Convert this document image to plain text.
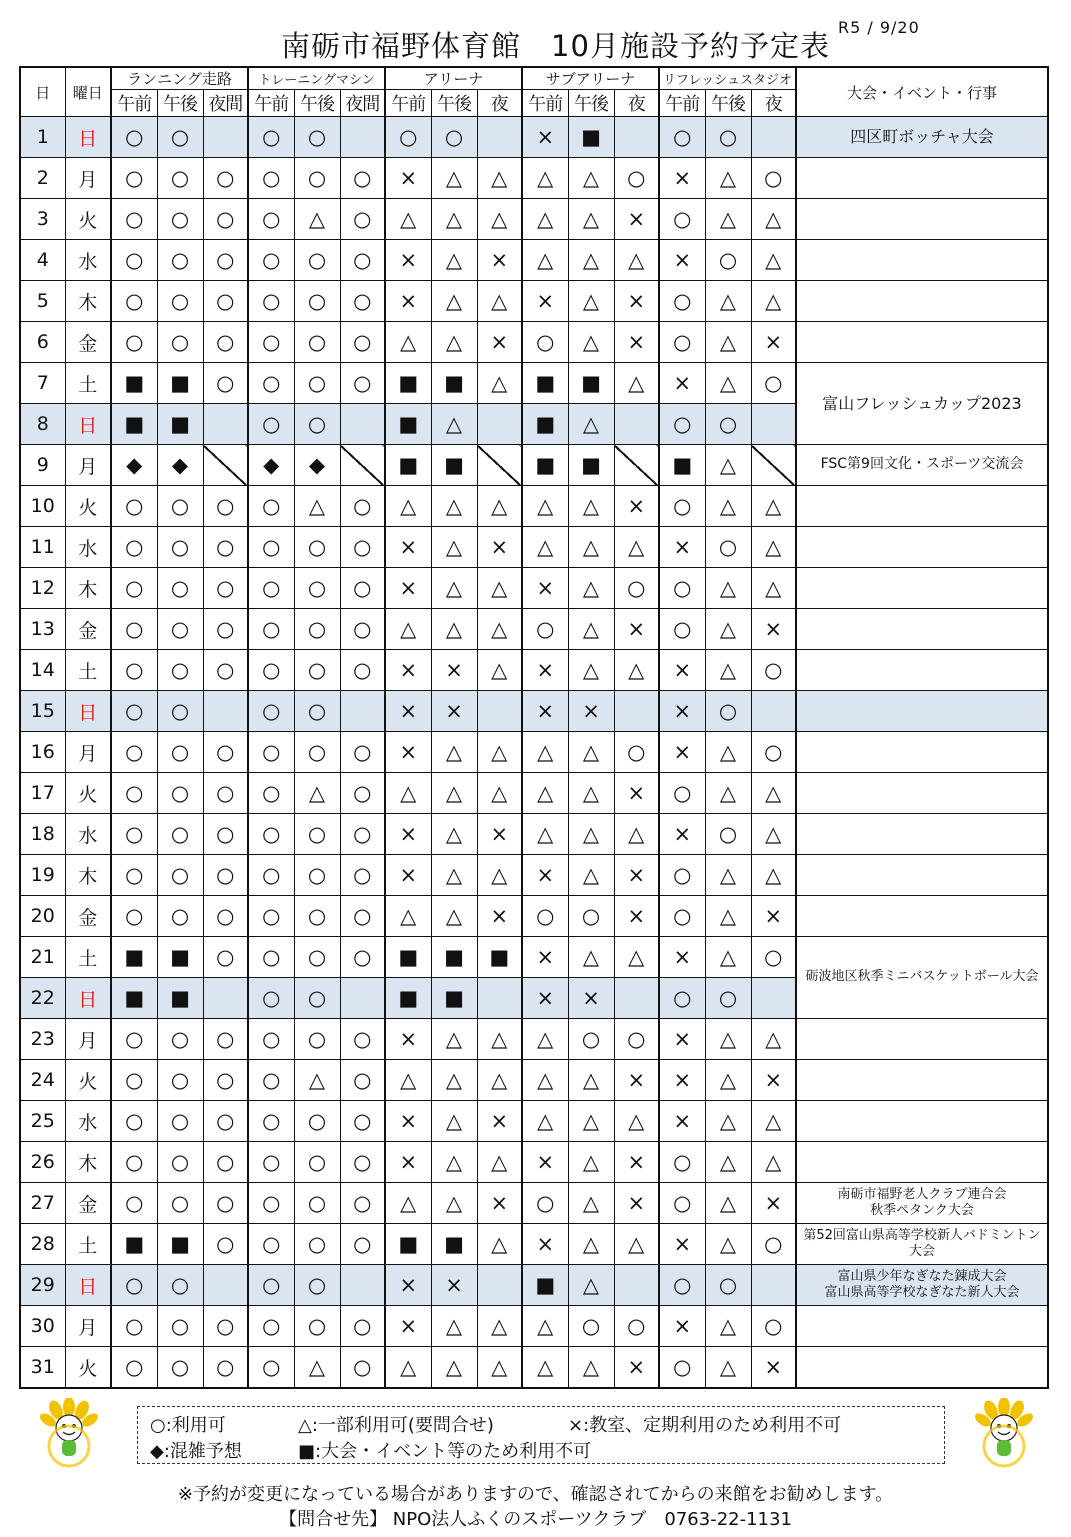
南砺市福野体育館　10月施設予約予定表
R5 / 9/20
日	曜日	ランニング走路			トレーニングマシン			アリーナ			サブアリーナ			リフレッシュスタジオ			大会・イベント・行事
		午前	午後	夜間	午前	午後	夜間	午前	午後	夜	午前	午後	夜	午前	午後	夜	
1	日	○	○		○	○		○	○		×	■		○	○		四区町ボッチャ大会
2	月	○	○	○	○	○	○	×	△	△	△	△	○	×	△	○	
3	火	○	○	○	○	△	○	△	△	△	△	△	×	○	△	△	
4	水	○	○	○	○	○	○	×	△	×	△	△	△	×	○	△	
5	木	○	○	○	○	○	○	×	△	△	×	△	×	○	△	△	
6	金	○	○	○	○	○	○	△	△	×	○	△	×	○	△	×	
7	土	■	■	○	○	○	○	■	■	△	■	■	△	×	△	○	富山フレッシュカップ2023
8	日	■	■		○	○		■	△		■	△		○	○		
9	月	◆	◆		◆	◆		■	■		■	■		■	△		FSC第9回文化・スポーツ交流会
10	火	○	○	○	○	△	○	△	△	△	△	△	×	○	△	△	
11	水	○	○	○	○	○	○	×	△	×	△	△	△	×	○	△	
12	木	○	○	○	○	○	○	×	△	△	×	△	○	○	△	△	
13	金	○	○	○	○	○	○	△	△	△	○	△	×	○	△	×	
14	土	○	○	○	○	○	○	×	×	△	×	△	△	×	△	○	
15	日	○	○		○	○		×	×		×	×		×	○		
16	月	○	○	○	○	○	○	×	△	△	△	△	○	×	△	○	
17	火	○	○	○	○	△	○	△	△	△	△	△	×	○	△	△	
18	水	○	○	○	○	○	○	×	△	×	△	△	△	×	○	△	
19	木	○	○	○	○	○	○	×	△	△	×	△	×	○	△	△	
20	金	○	○	○	○	○	○	△	△	×	○	○	×	○	△	×	
21	土	■	■	○	○	○	○	■	■	■	×	△	△	×	△	○	砺波地区秋季ミニバスケットボール大会
22	日	■	■		○	○		■	■		×	×		○	○		
23	月	○	○	○	○	○	○	×	△	△	△	○	○	×	△	△	
24	火	○	○	○	○	△	○	△	△	△	△	△	×	×	△	×	
25	水	○	○	○	○	○	○	×	△	×	△	△	△	×	△	△	
26	木	○	○	○	○	○	○	×	△	△	×	△	×	○	△	△	
27	金	○	○	○	○	○	○	△	△	×	○	△	×	○	△	×	南砺市福野老人クラブ連合会
秋季ペタンク大会
28	土	■	■	○	○	○	○	■	■	△	×	△	△	×	△	○	第52回富山県高等学校新人バドミントン大会
29	日	○	○		○	○		×	×		■	△		○	○		富山県少年なぎなた錬成大会
富山県高等学校なぎなた新人大会
30	月	○	○	○	○	○	○	×	△	△	△	○	○	×	△	○	
31	火	○	○	○	○	△	○	△	△	△	△	△	×	○	△	×	
○:利用可	△:一部利用可(要問合せ)	×:教室、定期利用のため利用不可
◆:混雑予想	■:大会・イベント等のため利用不可
※予約が変更になっている場合がありますので、確認されてからの来館をお勧めします。
【問合せ先】 NPO法人ふくのスポーツクラブ　0763-22-1131
